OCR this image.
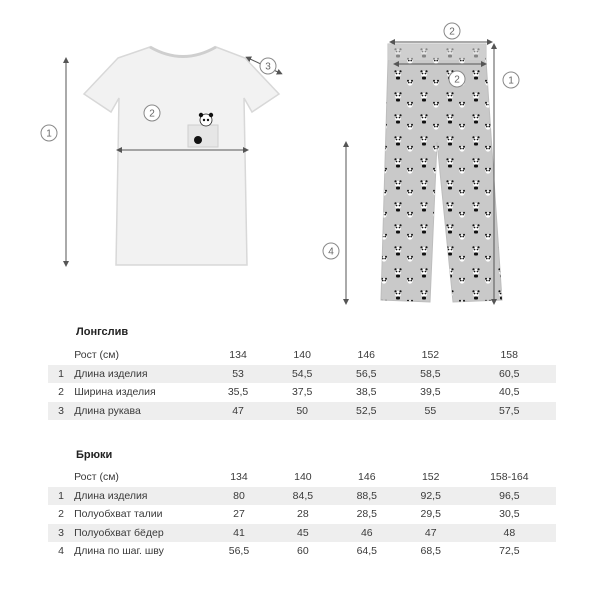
1
2
3
2
2	1
4
Лонгслив
	Рост (см)	134	140	146	152	158
1	Длина изделия	53	54,5	56,5	58,5	60,5
2	Ширина изделия	35,5	37,5	38,5	39,5	40,5
3	Длина рукава	47	50	52,5	55	57,5
Брюки
	Рост (см)	134	140	146	152	158-164
1	Длина изделия	80	84,5	88,5	92,5	96,5
2	Полуобхват талии	27	28	28,5	29,5	30,5
3	Полуобхват бёдер	41	45	46	47	48
4	Длина по шаг. шву	56,5	60	64,5	68,5	72,5
